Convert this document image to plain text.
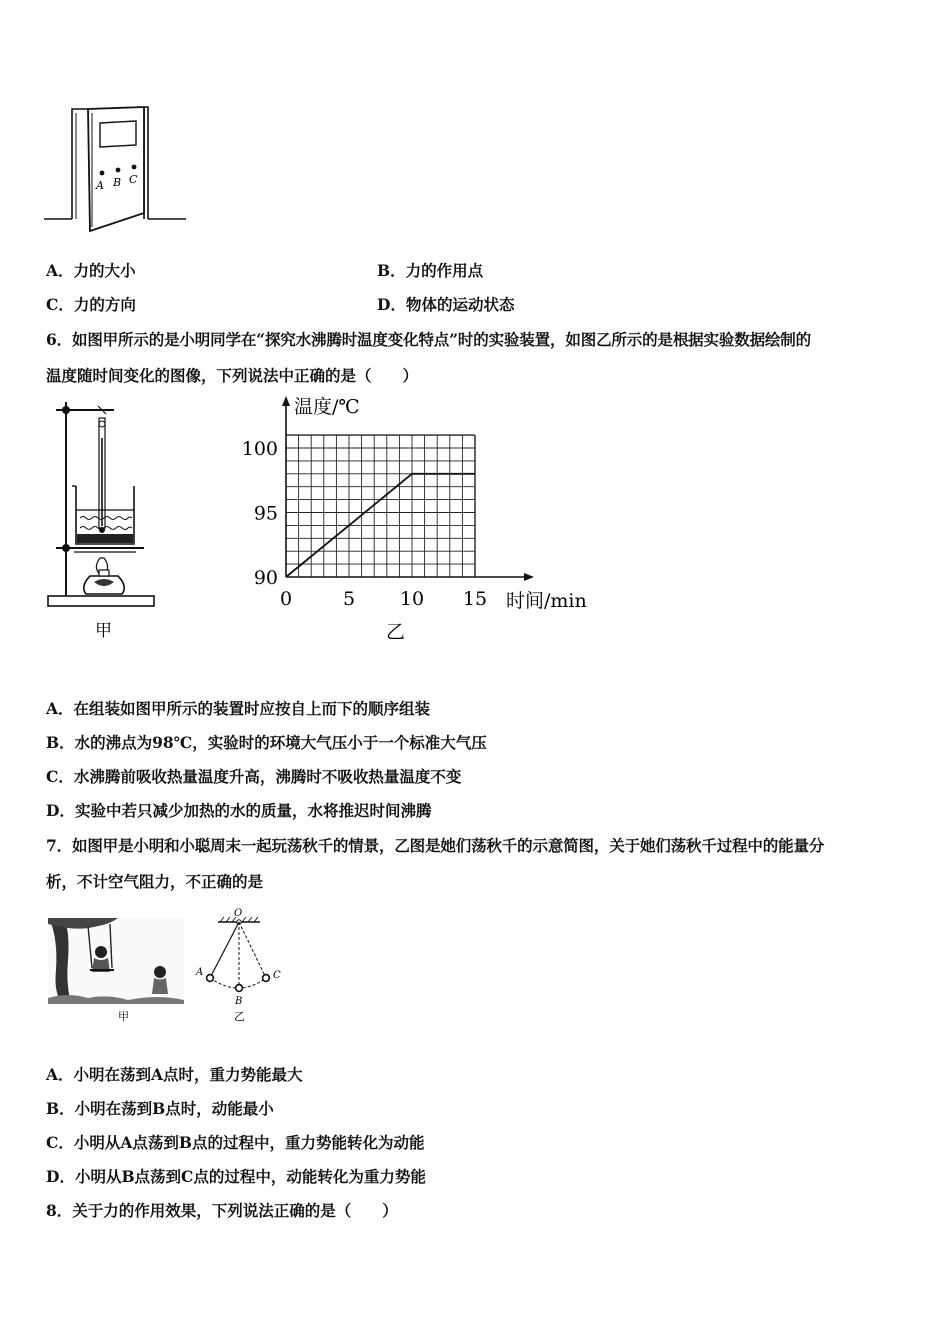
A B C
A．力的大小	B．力的作用点
C．力的方向	D．物体的运动状态
6．如图甲所示的是小明同学在“探究水沸腾时温度变化特点”时的实验装置，如图乙所示的是根据实验数据绘制的
温度随时间变化的图像，下列说法中正确的是（　　）
甲
0	5 10 15
90
95
100
温度/℃
时间/min
乙
A．在组装如图甲所示的装置时应按自上而下的顺序组装
B．水的沸点为98℃，实验时的环境大气压小于一个标准大气压
C．水沸腾前吸收热量温度升高，沸腾时不吸收热量温度不变
D．实验中若只减少加热的水的质量，水将推迟时间沸腾
7．如图甲是小明和小聪周末一起玩荡秋千的情景，乙图是她们荡秋千的示意简图，关于她们荡秋千过程中的能量分
析，不计空气阻力，不正确的是
甲
O
A
B
C
乙
A．小明在荡到A点时，重力势能最大
B．小明在荡到B点时，动能最小
C．小明从A点荡到B点的过程中，重力势能转化为动能
D．小明从B点荡到C点的过程中，动能转化为重力势能
8．关于力的作用效果，下列说法正确的是（　　）
